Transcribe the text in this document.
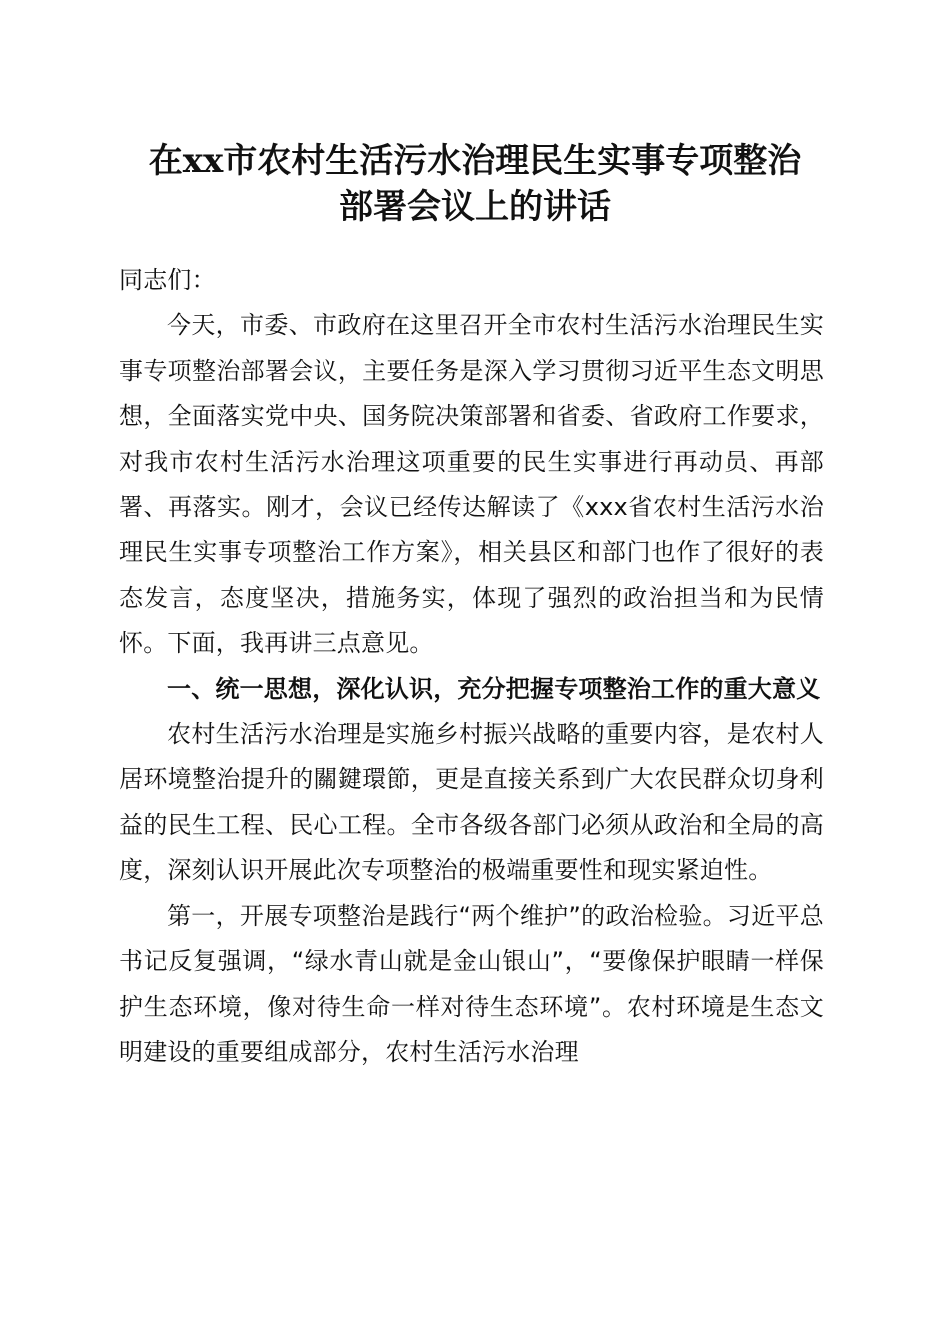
在xx市农村生活污水治理民生实事专项整治
部署会议上的讲话

同志们：

今天，市委、市政府在这里召开全市农村生活污水治理民生实事专项整治部署会议，主要任务是深入学习贯彻习近平生态文明思想，全面落实党中央、国务院决策部署和省委、省政府工作要求，对我市农村生活污水治理这项重要的民生实事进行再动员、再部署、再落实。刚才，会议已经传达解读了《xxx省农村生活污水治理民生实事专项整治工作方案》，相关县区和部门也作了很好的表态发言，态度坚决，措施务实，体现了强烈的政治担当和为民情怀。下面，我再讲三点意见。

一、统一思想，深化认识，充分把握专项整治工作的重大意义

农村生活污水治理是实施乡村振兴战略的重要内容，是农村人居环境整治提升的關鍵環節，更是直接关系到广大农民群众切身利益的民生工程、民心工程。全市各级各部门必须从政治和全局的高度，深刻认识开展此次专项整治的极端重要性和现实紧迫性。

第一，开展专项整治是践行“两个维护”的政治检验。习近平总书记反复强调，“绿水青山就是金山银山”，“要像保护眼睛一样保护生态环境，像对待生命一样对待生态环境”。农村环境是生态文明建设的重要组成部分，农村生活污水治理
